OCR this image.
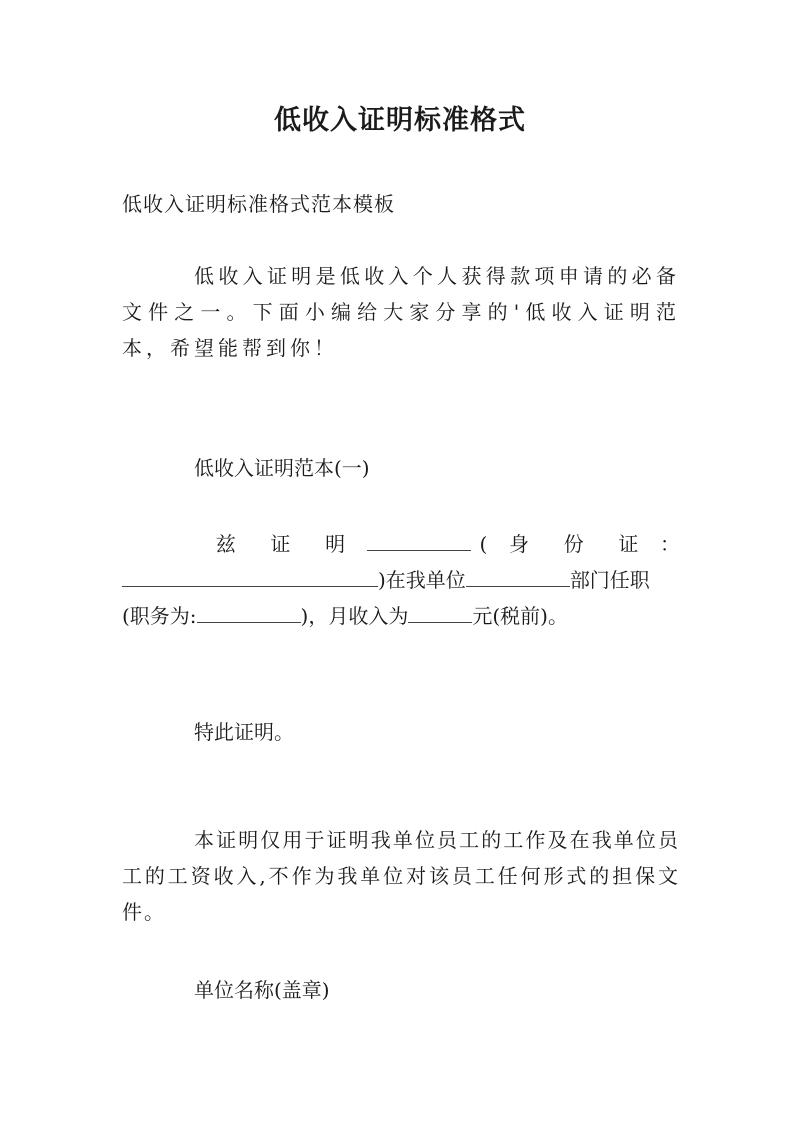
低收入证明标准格式
低收入证明标准格式范本模板
低收入证明是低收入个人获得款项申请的必备文件之一。下面小编给大家分享的'低收入证明范本，希望能帮到你！
低收入证明范本(一)
兹	证	明	(	身	份	证	：
)在我单位	部门任职
(职务为:	)，月收入为	元(税前)。
特此证明。
本证明仅用于证明我单位员工的工作及在我单位员工的工资收入,不作为我单位对该员工任何形式的担保文件。
单位名称(盖章)
